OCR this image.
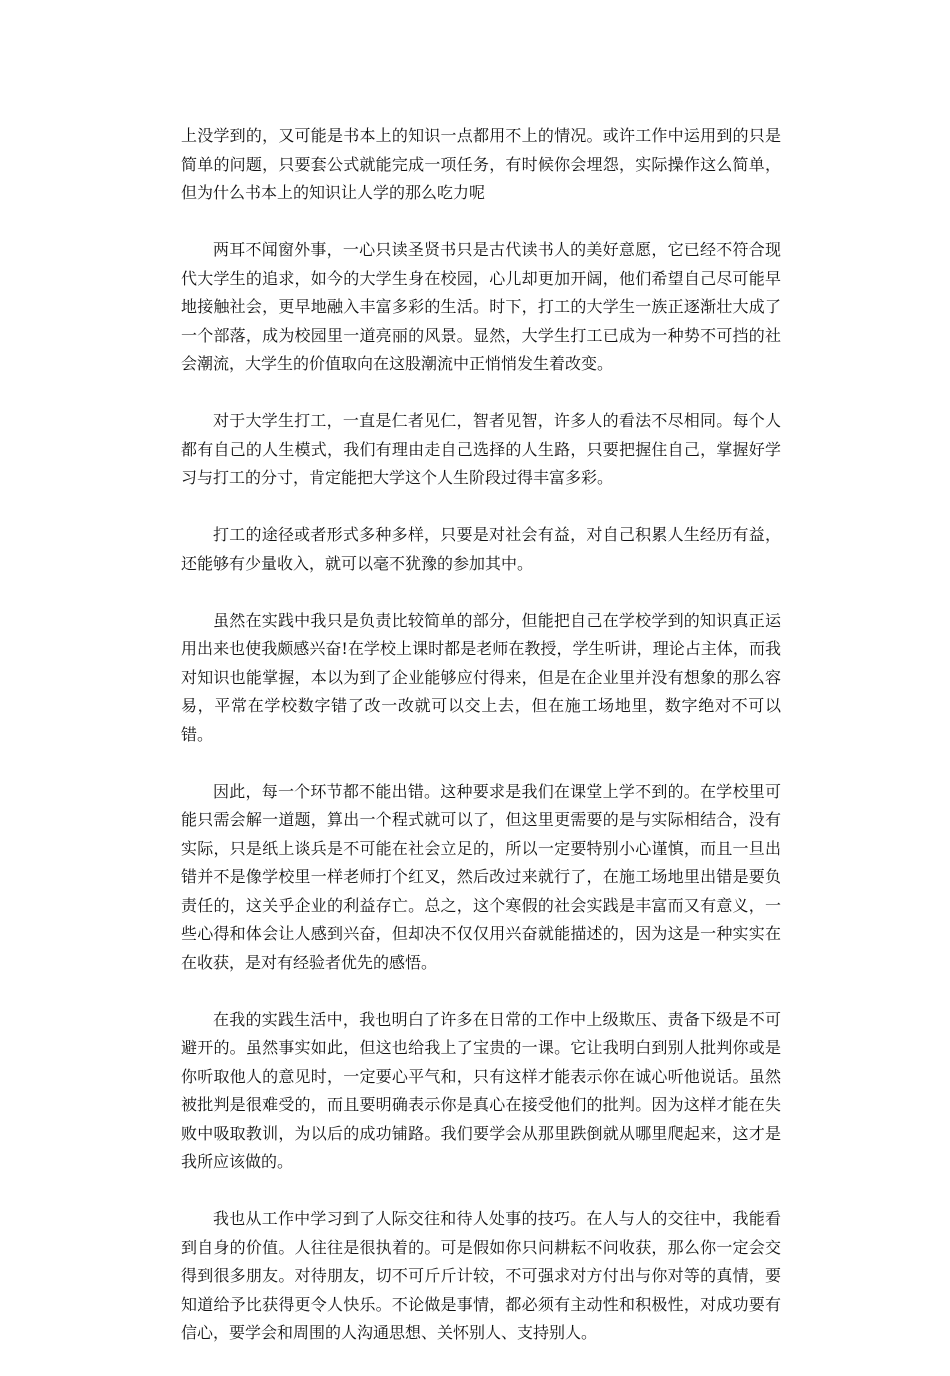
上没学到的，又可能是书本上的知识一点都用不上的情况。或许工作中运用到的只是简单的问题，只要套公式就能完成一项任务，有时候你会埋怨，实际操作这么简单，但为什么书本上的知识让人学的那么吃力呢

两耳不闻窗外事，一心只读圣贤书只是古代读书人的美好意愿，它已经不符合现代大学生的追求，如今的大学生身在校园，心儿却更加开阔，他们希望自己尽可能早地接触社会，更早地融入丰富多彩的生活。时下，打工的大学生一族正逐渐壮大成了一个部落，成为校园里一道亮丽的风景。显然，大学生打工已成为一种势不可挡的社会潮流，大学生的价值取向在这股潮流中正悄悄发生着改变。

对于大学生打工，一直是仁者见仁，智者见智，许多人的看法不尽相同。每个人都有自己的人生模式，我们有理由走自己选择的人生路，只要把握住自己，掌握好学习与打工的分寸，肯定能把大学这个人生阶段过得丰富多彩。

打工的途径或者形式多种多样，只要是对社会有益，对自己积累人生经历有益，还能够有少量收入，就可以毫不犹豫的参加其中。

虽然在实践中我只是负责比较简单的部分，但能把自己在学校学到的知识真正运用出来也使我颇感兴奋!在学校上课时都是老师在教授，学生听讲，理论占主体，而我对知识也能掌握，本以为到了企业能够应付得来，但是在企业里并没有想象的那么容易，平常在学校数字错了改一改就可以交上去，但在施工场地里，数字绝对不可以错。

因此，每一个环节都不能出错。这种要求是我们在课堂上学不到的。在学校里可能只需会解一道题，算出一个程式就可以了，但这里更需要的是与实际相结合，没有实际，只是纸上谈兵是不可能在社会立足的，所以一定要特别小心谨慎，而且一旦出错并不是像学校里一样老师打个红叉，然后改过来就行了，在施工场地里出错是要负责任的，这关乎企业的利益存亡。总之，这个寒假的社会实践是丰富而又有意义，一些心得和体会让人感到兴奋，但却决不仅仅用兴奋就能描述的，因为这是一种实实在在收获，是对有经验者优先的感悟。

在我的实践生活中，我也明白了许多在日常的工作中上级欺压、责备下级是不可避开的。虽然事实如此，但这也给我上了宝贵的一课。它让我明白到别人批判你或是你听取他人的意见时，一定要心平气和，只有这样才能表示你在诚心听他说话。虽然被批判是很难受的，而且要明确表示你是真心在接受他们的批判。因为这样才能在失败中吸取教训，为以后的成功铺路。我们要学会从那里跌倒就从哪里爬起来，这才是我所应该做的。

我也从工作中学习到了人际交往和待人处事的技巧。在人与人的交往中，我能看到自身的价值。人往往是很执着的。可是假如你只问耕耘不问收获，那么你一定会交得到很多朋友。对待朋友，切不可斤斤计较，不可强求对方付出与你对等的真情，要知道给予比获得更令人快乐。不论做是事情，都必须有主动性和积极性，对成功要有信心，要学会和周围的人沟通思想、关怀别人、支持别人。
